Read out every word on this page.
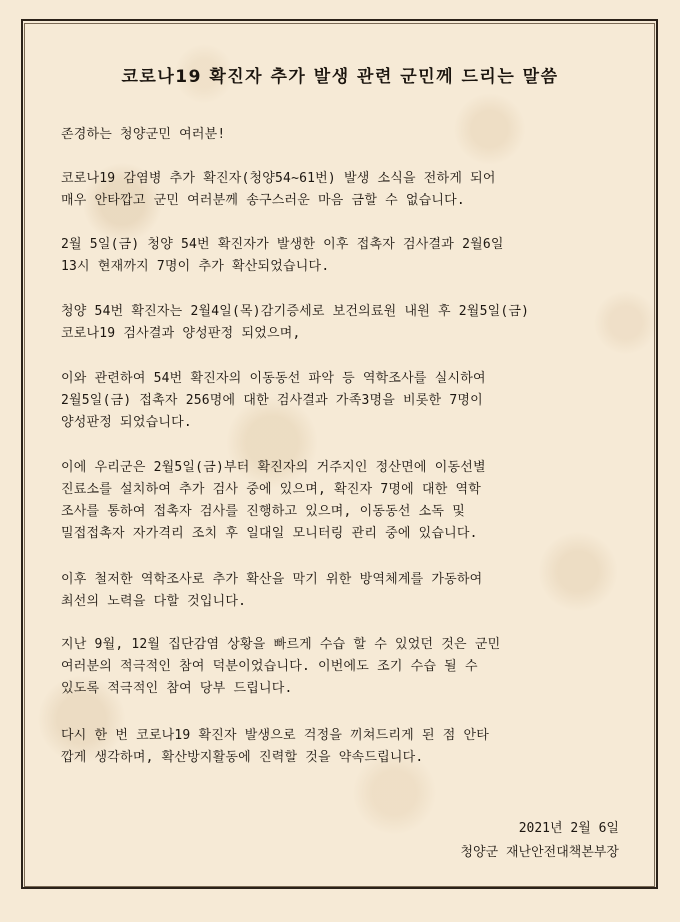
코로나19 확진자 추가 발생 관련 군민께 드리는 말씀
존경하는 청양군민 여러분!
코로나19 감염병 추가 확진자(청양54~61번) 발생 소식을 전하게 되어
매우 안타깝고 군민 여러분께 송구스러운 마음 금할 수 없습니다.
2월 5일(금) 청양 54번 확진자가 발생한 이후 접촉자 검사결과 2월6일
13시 현재까지 7명이 추가 확산되었습니다.
청양 54번 확진자는 2월4일(목)감기증세로 보건의료원 내원 후 2월5일(금)
코로나19 검사결과 양성판정 되었으며,
이와 관련하여 54번 확진자의 이동동선 파악 등 역학조사를 실시하여
2월5일(금) 접촉자 256명에 대한 검사결과 가족3명을 비롯한 7명이
양성판정 되었습니다.
이에 우리군은 2월5일(금)부터 확진자의 거주지인 정산면에 이동선별
진료소를 설치하여 추가 검사 중에 있으며, 확진자 7명에 대한 역학
조사를 통하여 접촉자 검사를 진행하고 있으며, 이동동선 소독 및
밀접접촉자 자가격리 조치 후 일대일 모니터링 관리 중에 있습니다.
이후 철저한 역학조사로 추가 확산을 막기 위한 방역체계를 가동하여
최선의 노력을 다할 것입니다.
지난 9월, 12월 집단감염 상황을 빠르게 수습 할 수 있었던 것은 군민
여러분의 적극적인 참여 덕분이었습니다. 이번에도 조기 수습 될 수
있도록 적극적인 참여 당부 드립니다.
다시 한 번 코로나19 확진자 발생으로 걱정을 끼쳐드리게 된 점 안타
깝게 생각하며, 확산방지활동에 진력할 것을 약속드립니다.
2021년 2월 6일
청양군 재난안전대책본부장
